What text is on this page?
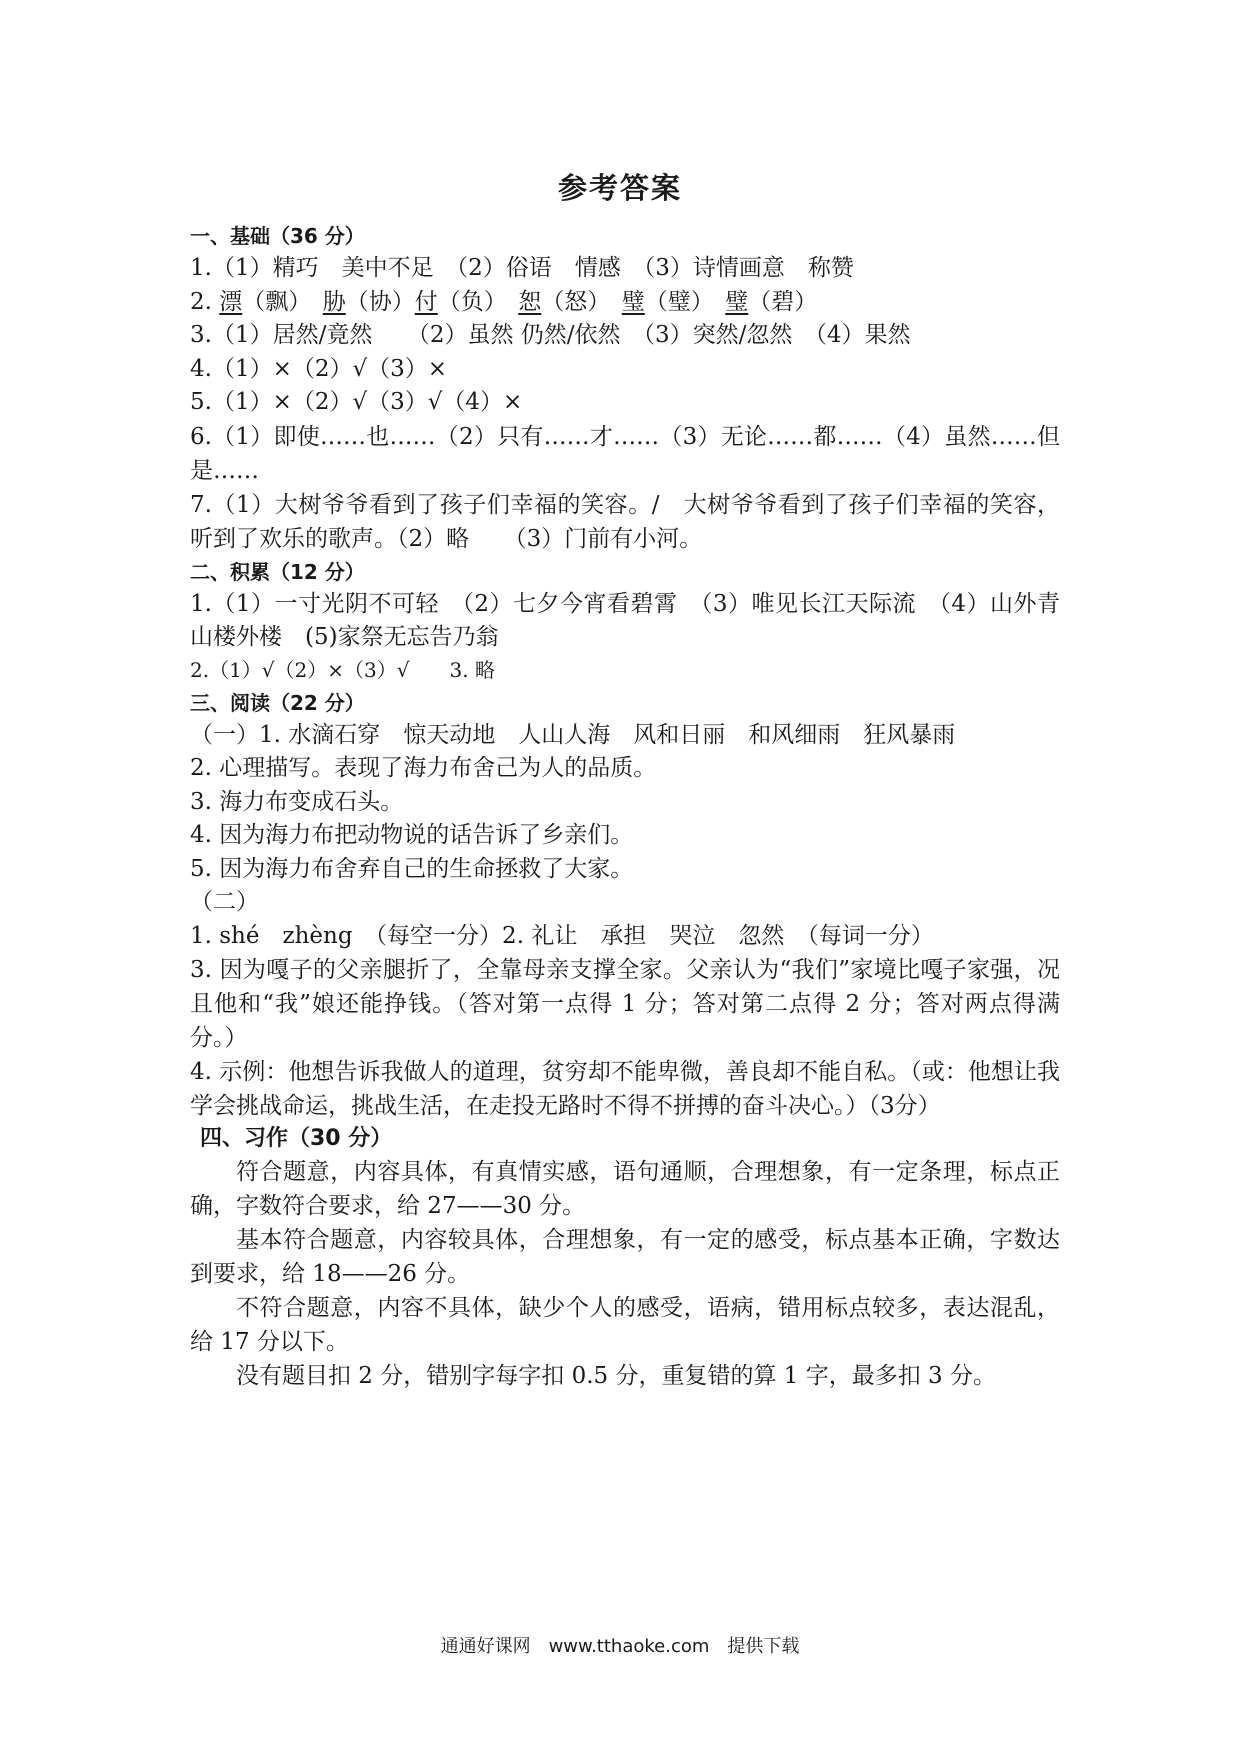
参考答案
一、基础（36 分）
1.（1）精巧　美中不足　（2）俗语　情感　（3）诗情画意　称赞
2. 漂（飘）　胁（协）付（负）　恕（怒）　璧（璧）　璧（碧）
3.（1）居然/竟然　　（2）虽然 仍然/依然　（3）突然/忽然　（4）果然
4.（1）×（2）√（3）×
5.（1）×（2）√（3）√（4）×
6.（1）即使……也……（2）只有……才……（3）无论……都……（4）虽然……但是……
7.（1）大树爷爷看到了孩子们幸福的笑容。/　大树爷爷看到了孩子们幸福的笑容，听到了欢乐的歌声。（2）略　　（3）门前有小河。
二、积累（12 分）
1.（1）一寸光阴不可轻　（2）七夕今宵看碧霄　（3）唯见长江天际流　（4）山外青山楼外楼　(5)家祭无忘告乃翁
2.（1）√（2）×（3）√　　3. 略
三、阅读（22 分）
（一）1. 水滴石穿　惊天动地　人山人海　风和日丽　和风细雨　狂风暴雨
2. 心理描写。表现了海力布舍己为人的品质。
3. 海力布变成石头。
4. 因为海力布把动物说的话告诉了乡亲们。
5. 因为海力布舍弃自己的生命拯救了大家。
（二）
1. shé　zhèng　（每空一分）2. 礼让　承担　哭泣　忽然　（每词一分）
3. 因为嘎子的父亲腿折了，全靠母亲支撑全家。父亲认为“我们”家境比嘎子家强，况且他和“我”娘还能挣钱。（答对第一点得 1 分；答对第二点得 2 分；答对两点得满分。）
4. 示例：他想告诉我做人的道理，贫穷却不能卑微，善良却不能自私。（或：他想让我学会挑战命运，挑战生活，在走投无路时不得不拼搏的奋斗决心。）（3分）
四、习作（30 分）
符合题意，内容具体，有真情实感，语句通顺，合理想象，有一定条理，标点正确，字数符合要求，给 27——30 分。
基本符合题意，内容较具体，合理想象，有一定的感受，标点基本正确，字数达到要求，给 18——26 分。
不符合题意，内容不具体，缺少个人的感受，语病，错用标点较多，表达混乱，给 17 分以下。
没有题目扣 2 分，错别字每字扣 0.5 分，重复错的算 1 字，最多扣 3 分。
通通好课网　www.tthaoke.com　提供下载
